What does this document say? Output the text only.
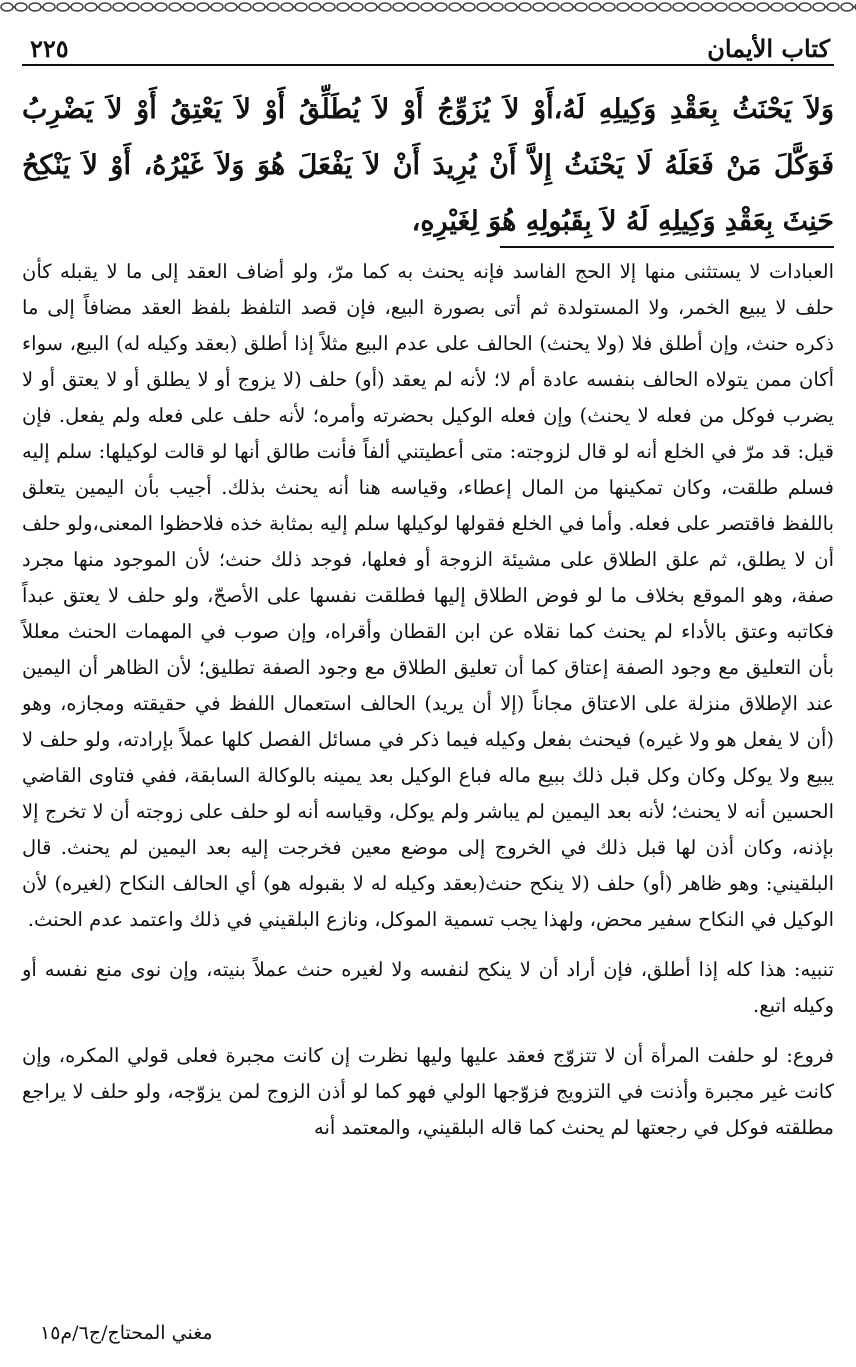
كتاب الأيمان
٢٢٥
وَلاَ يَحْنَثُ بِعَقْدِ وَكِيلِهِ لَهُ،أَوْ لاَ يُزَوِّجُ أَوْ لاَ يُطَلِّقُ أَوْ لاَ يَعْتِقُ أَوْ لاَ يَضْرِبُ فَوَكَّلَ مَنْ فَعَلَهُ لَا يَحْنَثُ إِلاَّ أَنْ يُرِيدَ أَنْ لاَ يَفْعَلَ هُوَ وَلاَ غَيْرُهُ، أَوْ لاَ يَنْكِحُ حَنِثَ بِعَقْدِ وَكِيلِهِ لَهُ لاَ بِقَبُولِهِ هُوَ لِغَيْرِهِ،

العبادات لا يستثنى منها إلا الحج الفاسد فإنه يحنث به كما مرّ، ولو أضاف العقد إلى ما لا يقبله كأن حلف لا يبيع الخمر، ولا المستولدة ثم أتى بصورة البيع، فإن قصد التلفظ بلفظ العقد مضافاً إلى ما ذكره حنث، وإن أطلق فلا (ولا يحنث) الحالف على عدم البيع مثلاً إذا أطلق (بعقد وكيله له) البيع، سواء أكان ممن يتولاه الحالف بنفسه عادة أم لا؛ لأنه لم يعقد (أو) حلف (لا يزوج أو لا يطلق أو لا يعتق أو لا يضرب فوكل من فعله لا يحنث) وإن فعله الوكيل بحضرته وأمره؛ لأنه حلف على فعله ولم يفعل. فإن قيل: قد مرّ في الخلع أنه لو قال لزوجته: متى أعطيتني ألفاً فأنت طالق أنها لو قالت لوكيلها: سلم إليه فسلم طلقت، وكان تمكينها من المال إعطاء، وقياسه هنا أنه يحنث بذلك. أجيب بأن اليمين يتعلق باللفظ فاقتصر على فعله. وأما في الخلع فقولها لوكيلها سلم إليه بمثابة خذه فلاحظوا المعنى،ولو حلف أن لا يطلق، ثم علق الطلاق على مشيئة الزوجة أو فعلها، فوجد ذلك حنث؛ لأن الموجود منها مجرد صفة، وهو الموقع بخلاف ما لو فوض الطلاق إليها فطلقت نفسها على الأصحّ، ولو حلف لا يعتق عبداً فكاتبه وعتق بالأداء لم يحنث كما نقلاه عن ابن القطان وأقراه، وإن صوب في المهمات الحنث معللاً بأن التعليق مع وجود الصفة إعتاق كما أن تعليق الطلاق مع وجود الصفة تطليق؛ لأن الظاهر أن اليمين عند الإطلاق منزلة على الاعتاق مجاناً (إلا أن يريد) الحالف استعمال اللفظ في حقيقته ومجازه، وهو (أن لا يفعل هو ولا غيره) فيحنث بفعل وكيله فيما ذكر في مسائل الفصل كلها عملاً بإرادته، ولو حلف لا يبيع ولا يوكل وكان وكل قبل ذلك ببيع ماله فباع الوكيل بعد يمينه بالوكالة السابقة، ففي فتاوى القاضي الحسين أنه لا يحنث؛ لأنه بعد اليمين لم يباشر ولم يوكل، وقياسه أنه لو حلف على زوجته أن لا تخرج إلا بإذنه، وكان أذن لها قبل ذلك في الخروج إلى موضع معين فخرجت إليه بعد اليمين لم يحنث. قال البلقيني: وهو ظاهر (أو) حلف (لا ينكح حنث(بعقد وكيله له لا بقبوله هو) أي الحالف النكاح (لغيره) لأن الوكيل في النكاح سفير محض، ولهذا يجب تسمية الموكل، ونازع البلقيني في ذلك واعتمد عدم الحنث.

تنبيه: هذا كله إذا أطلق، فإن أراد أن لا ينكح لنفسه ولا لغيره حنث عملاً بنيته، وإن نوى منع نفسه أو وكيله اتبع.

فروع: لو حلفت المرأة أن لا تتزوّج فعقد عليها وليها نظرت إن كانت مجبرة فعلى قولي المكره، وإن كانت غير مجبرة وأذنت في التزويج فزوّجها الولي فهو كما لو أذن الزوج لمن يزوّجه، ولو حلف لا يراجع مطلقته فوكل في رجعتها لم يحنث كما قاله البلقيني، والمعتمد أنه

مغني المحتاج/ج٦/م١٥
